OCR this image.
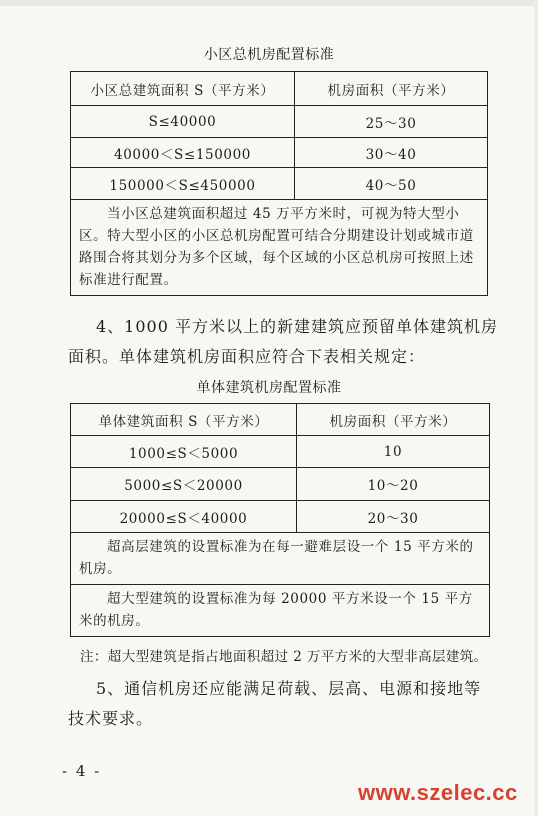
小区总机房配置标准
小区总建筑面积 S（平方米）	机房面积（平方米）
S≤40000	25～30
40000＜S≤150000	30～40
150000＜S≤450000	40～50
当小区总建筑面积超过 45 万平方米时，可视为特大型小区。特大型小区的小区总机房配置可结合分期建设计划或城市道路围合将其划分为多个区域，每个区域的小区总机房可按照上述标准进行配置。	
4、1000 平方米以上的新建建筑应预留单体建筑机房面积。单体建筑机房面积应符合下表相关规定：
单体建筑机房配置标准
单体建筑面积 S（平方米）	机房面积（平方米）
1000≤S＜5000	10
5000≤S＜20000	10～20
20000≤S＜40000	20～30
超高层建筑的设置标准为在每一避难层设一个 15 平方米的机房。	
超大型建筑的设置标准为每 20000 平方米设一个 15 平方米的机房。	
注：超大型建筑是指占地面积超过 2 万平方米的大型非高层建筑。
5、通信机房还应能满足荷载、层高、电源和接地等技术要求。
- 4 -
www.szelec.cc
